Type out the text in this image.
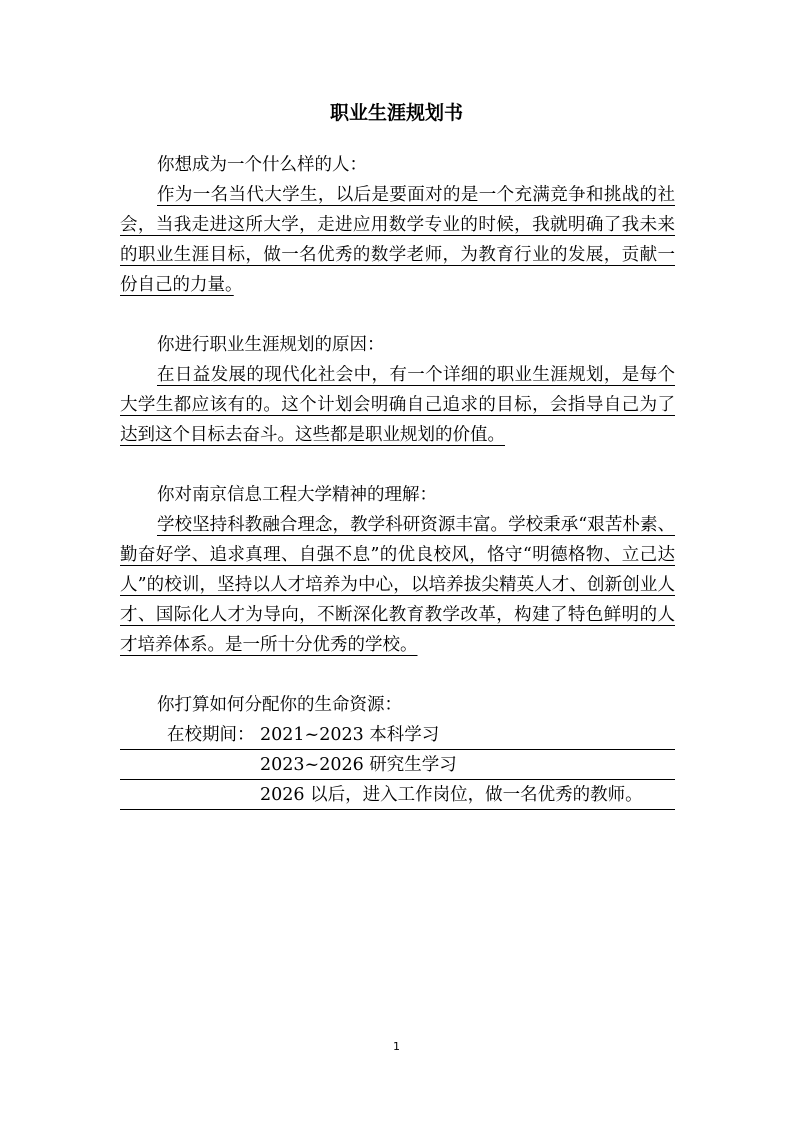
职业生涯规划书
你想成为一个什么样的人：
作为一名当代大学生，以后是要面对的是一个充满竞争和挑战的社会，当我走进这所大学，走进应用数学专业的时候，我就明确了我未来的职业生涯目标，做一名优秀的数学老师，为教育行业的发展，贡献一份自己的力量。　　
你进行职业生涯规划的原因：
在日益发展的现代化社会中，有一个详细的职业生涯规划，是每个大学生都应该有的。这个计划会明确自己追求的目标，会指导自己为了达到这个目标去奋斗。这些都是职业规划的价值。
你对南京信息工程大学精神的理解：
学校坚持科教融合理念，教学科研资源丰富。学校秉承“艰苦朴素、勤奋好学、追求真理、自强不息”的优良校风，恪守“明德格物、立己达人”的校训，坚持以人才培养为中心，以培养拔尖精英人才、创新创业人才、国际化人才为导向，不断深化教育教学改革，构建了特色鲜明的人才培养体系。是一所十分优秀的学校。
你打算如何分配你的生命资源：
在校期间： 2021~2023 本科学习
2023~2026 研究生学习
2026 以后，进入工作岗位，做一名优秀的教师。
1
